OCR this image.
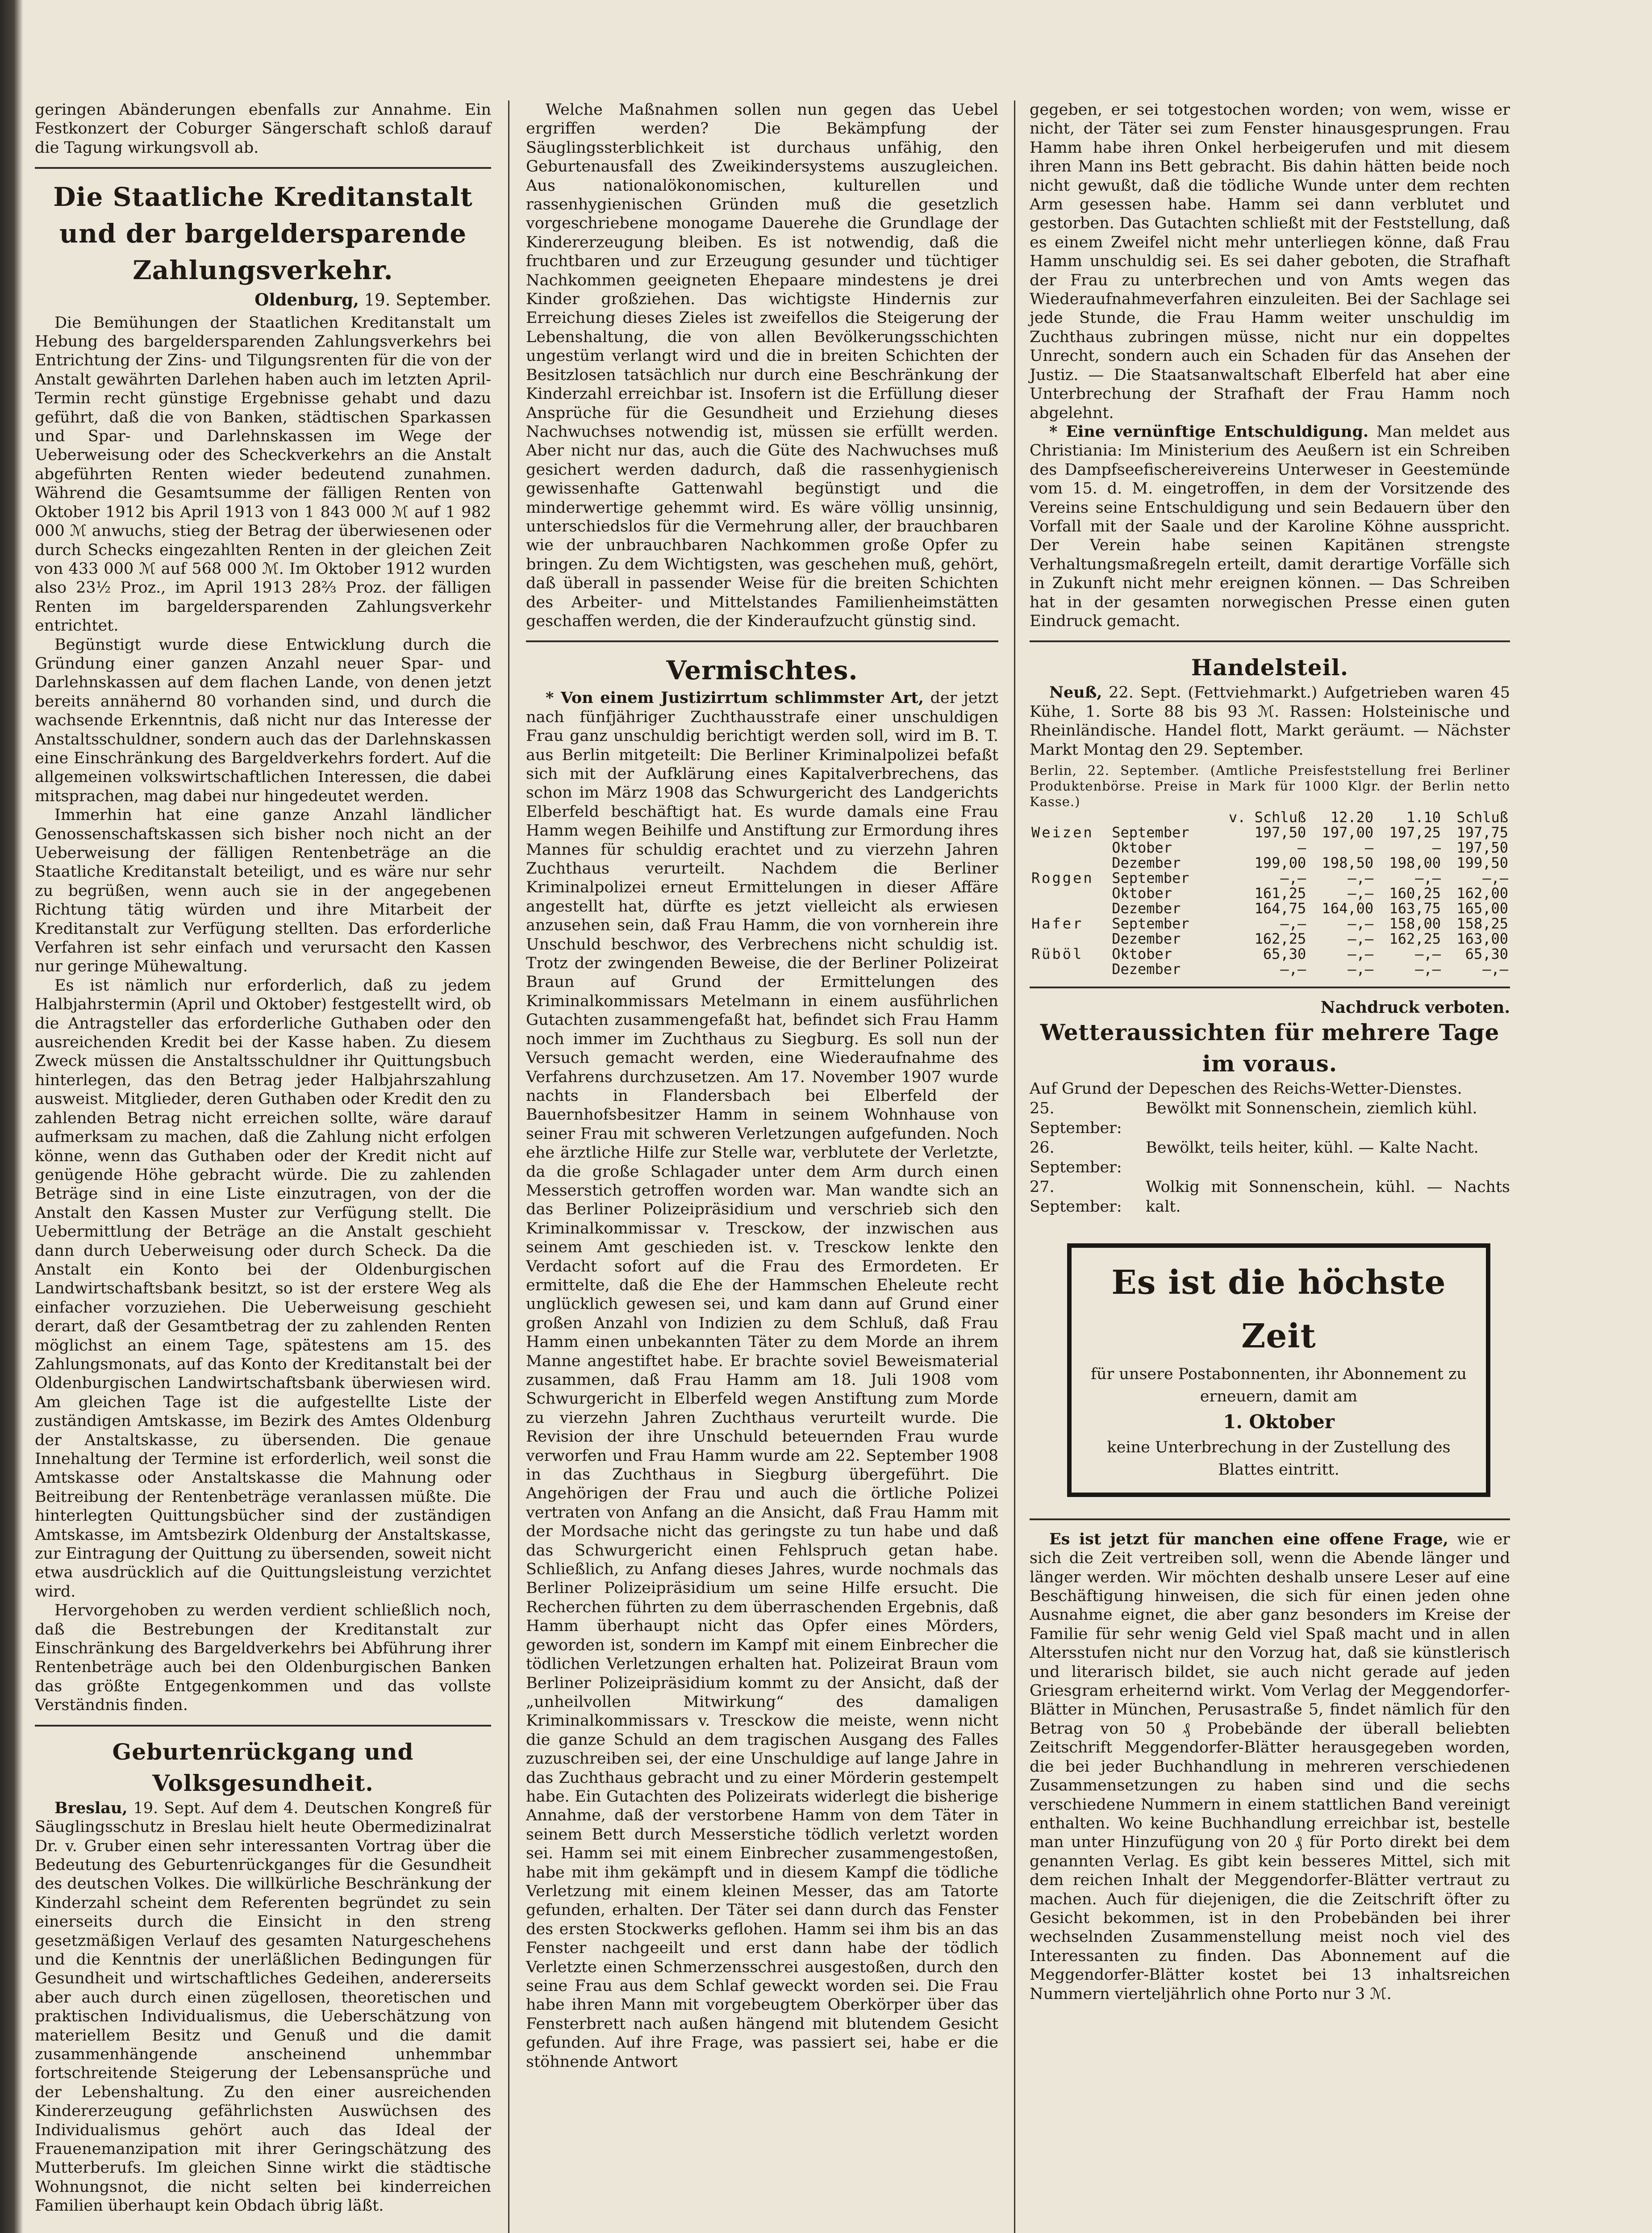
geringen Abänderungen ebenfalls zur Annahme. Ein Festkonzert der Coburger Sängerschaft schloß darauf die Tagung wirkungsvoll ab.

Die Staatliche Kreditanstalt
und der bargeldersparende Zahlungsverkehr.
Oldenburg, 19. September.

Die Bemühungen der Staatlichen Kreditanstalt um Hebung des bargeldersparenden Zahlungsverkehrs bei Entrichtung der Zins- und Tilgungsrenten für die von der Anstalt gewährten Darlehen haben auch im letzten April-Termin recht günstige Ergebnisse gehabt und dazu geführt, daß die von Banken, städtischen Sparkassen und Spar- und Darlehnskassen im Wege der Ueberweisung oder des Scheckverkehrs an die Anstalt abgeführten Renten wieder bedeutend zunahmen. Während die Gesamtsumme der fälligen Renten von Oktober 1912 bis April 1913 von 1 843 000 ℳ auf 1 982 000 ℳ anwuchs, stieg der Betrag der überwiesenen oder durch Schecks eingezahlten Renten in der gleichen Zeit von 433 000 ℳ auf 568 000 ℳ. Im Oktober 1912 wurden also 23½ Proz., im April 1913 28⅔ Proz. der fälligen Renten im bargeldersparenden Zahlungsverkehr entrichtet.

Begünstigt wurde diese Entwicklung durch die Gründung einer ganzen Anzahl neuer Spar- und Darlehnskassen auf dem flachen Lande, von denen jetzt bereits annähernd 80 vorhanden sind, und durch die wachsende Erkenntnis, daß nicht nur das Interesse der Anstaltsschuldner, sondern auch das der Darlehnskassen eine Einschränkung des Bargeldverkehrs fordert. Auf die allgemeinen volkswirtschaftlichen Interessen, die dabei mitsprachen, mag dabei nur hingedeutet werden.

Immerhin hat eine ganze Anzahl ländlicher Genossenschaftskassen sich bisher noch nicht an der Ueberweisung der fälligen Rentenbeträge an die Staatliche Kreditanstalt beteiligt, und es wäre nur sehr zu begrüßen, wenn auch sie in der angegebenen Richtung tätig würden und ihre Mitarbeit der Kreditanstalt zur Verfügung stellten. Das erforderliche Verfahren ist sehr einfach und verursacht den Kassen nur geringe Mühewaltung.

Es ist nämlich nur erforderlich, daß zu jedem Halbjahrstermin (April und Oktober) festgestellt wird, ob die Antragsteller das erforderliche Guthaben oder den ausreichenden Kredit bei der Kasse haben. Zu diesem Zweck müssen die Anstaltsschuldner ihr Quittungsbuch hinterlegen, das den Betrag jeder Halbjahrszahlung ausweist. Mitglieder, deren Guthaben oder Kredit den zu zahlenden Betrag nicht erreichen sollte, wäre darauf aufmerksam zu machen, daß die Zahlung nicht erfolgen könne, wenn das Guthaben oder der Kredit nicht auf genügende Höhe gebracht würde. Die zu zahlenden Beträge sind in eine Liste einzutragen, von der die Anstalt den Kassen Muster zur Verfügung stellt. Die Uebermittlung der Beträge an die Anstalt geschieht dann durch Ueberweisung oder durch Scheck. Da die Anstalt ein Konto bei der Oldenburgischen Landwirtschaftsbank besitzt, so ist der erstere Weg als einfacher vorzuziehen. Die Ueberweisung geschieht derart, daß der Gesamtbetrag der zu zahlenden Renten möglichst an einem Tage, spätestens am 15. des Zahlungsmonats, auf das Konto der Kreditanstalt bei der Oldenburgischen Landwirtschaftsbank überwiesen wird. Am gleichen Tage ist die aufgestellte Liste der zuständigen Amtskasse, im Bezirk des Amtes Oldenburg der Anstaltskasse, zu übersenden. Die genaue Innehaltung der Termine ist erforderlich, weil sonst die Amtskasse oder Anstaltskasse die Mahnung oder Beitreibung der Rentenbeträge veranlassen müßte. Die hinterlegten Quittungsbücher sind der zuständigen Amtskasse, im Amtsbezirk Oldenburg der Anstaltskasse, zur Eintragung der Quittung zu übersenden, soweit nicht etwa ausdrücklich auf die Quittungsleistung verzichtet wird.

Hervorgehoben zu werden verdient schließlich noch, daß die Bestrebungen der Kreditanstalt zur Einschränkung des Bargeldverkehrs bei Abführung ihrer Rentenbeträge auch bei den Oldenburgischen Banken das größte Entgegenkommen und das vollste Verständnis finden.

Geburtenrückgang und Volksgesundheit.

Breslau, 19. Sept. Auf dem 4. Deutschen Kongreß für Säuglingsschutz in Breslau hielt heute Obermedizinalrat Dr. v. Gruber einen sehr interessanten Vortrag über die Bedeutung des Geburtenrückganges für die Gesundheit des deutschen Volkes. Die willkürliche Beschränkung der Kinderzahl scheint dem Referenten begründet zu sein einerseits durch die Einsicht in den streng gesetzmäßigen Verlauf des gesamten Naturgeschehens und die Kenntnis der unerläßlichen Bedingungen für Gesundheit und wirtschaftliches Gedeihen, andererseits aber auch durch einen zügellosen, theoretischen und praktischen Individualismus, die Ueberschätzung von materiellem Besitz und Genuß und die damit zusammenhängende anscheinend unhemmbar fortschreitende Steigerung der Lebensansprüche und der Lebenshaltung. Zu den einer ausreichenden Kindererzeugung gefährlichsten Auswüchsen des Individualismus gehört auch das Ideal der Frauenemanzipation mit ihrer Geringschätzung des Mutterberufs. Im gleichen Sinne wirkt die städtische Wohnungsnot, die nicht selten bei kinderreichen Familien überhaupt kein Obdach übrig läßt.

Welche Maßnahmen sollen nun gegen das Uebel ergriffen werden? Die Bekämpfung der Säuglingssterblichkeit ist durchaus unfähig, den Geburtenausfall des Zweikindersystems auszugleichen. Aus nationalökonomischen, kulturellen und rassenhygienischen Gründen muß die gesetzlich vorgeschriebene monogame Dauerehe die Grundlage der Kindererzeugung bleiben. Es ist notwendig, daß die fruchtbaren und zur Erzeugung gesunder und tüchtiger Nachkommen geeigneten Ehepaare mindestens je drei Kinder großziehen. Das wichtigste Hindernis zur Erreichung dieses Zieles ist zweifellos die Steigerung der Lebenshaltung, die von allen Bevölkerungsschichten ungestüm verlangt wird und die in breiten Schichten der Besitzlosen tatsächlich nur durch eine Beschränkung der Kinderzahl erreichbar ist. Insofern ist die Erfüllung dieser Ansprüche für die Gesundheit und Erziehung dieses Nachwuchses notwendig ist, müssen sie erfüllt werden. Aber nicht nur das, auch die Güte des Nachwuchses muß gesichert werden dadurch, daß die rassenhygienisch gewissenhafte Gattenwahl begünstigt und die minderwertige gehemmt wird. Es wäre völlig unsinnig, unterschiedslos für die Vermehrung aller, der brauchbaren wie der unbrauchbaren Nachkommen große Opfer zu bringen. Zu dem Wichtigsten, was geschehen muß, gehört, daß überall in passender Weise für die breiten Schichten des Arbeiter- und Mittelstandes Familienheimstätten geschaffen werden, die der Kinderaufzucht günstig sind.

Vermischtes.

* Von einem Justizirrtum schlimmster Art, der jetzt nach fünfjähriger Zuchthausstrafe einer unschuldigen Frau ganz unschuldig berichtigt werden soll, wird im B. T. aus Berlin mitgeteilt: Die Berliner Kriminalpolizei befaßt sich mit der Aufklärung eines Kapitalverbrechens, das schon im März 1908 das Schwurgericht des Landgerichts Elberfeld beschäftigt hat. Es wurde damals eine Frau Hamm wegen Beihilfe und Anstiftung zur Ermordung ihres Mannes für schuldig erachtet und zu vierzehn Jahren Zuchthaus verurteilt. Nachdem die Berliner Kriminalpolizei erneut Ermittelungen in dieser Affäre angestellt hat, dürfte es jetzt vielleicht als erwiesen anzusehen sein, daß Frau Hamm, die von vornherein ihre Unschuld beschwor, des Verbrechens nicht schuldig ist. Trotz der zwingenden Beweise, die der Berliner Polizeirat Braun auf Grund der Ermittelungen des Kriminalkommissars Metelmann in einem ausführlichen Gutachten zusammengefaßt hat, befindet sich Frau Hamm noch immer im Zuchthaus zu Siegburg. Es soll nun der Versuch gemacht werden, eine Wiederaufnahme des Verfahrens durchzusetzen. Am 17. November 1907 wurde nachts in Flandersbach bei Elberfeld der Bauernhofsbesitzer Hamm in seinem Wohnhause von seiner Frau mit schweren Verletzungen aufgefunden. Noch ehe ärztliche Hilfe zur Stelle war, verblutete der Verletzte, da die große Schlagader unter dem Arm durch einen Messerstich getroffen worden war. Man wandte sich an das Berliner Polizeipräsidium und verschrieb sich den Kriminalkommissar v. Tresckow, der inzwischen aus seinem Amt geschieden ist. v. Tresckow lenkte den Verdacht sofort auf die Frau des Ermordeten. Er ermittelte, daß die Ehe der Hammschen Eheleute recht unglücklich gewesen sei, und kam dann auf Grund einer großen Anzahl von Indizien zu dem Schluß, daß Frau Hamm einen unbekannten Täter zu dem Morde an ihrem Manne angestiftet habe. Er brachte soviel Beweismaterial zusammen, daß Frau Hamm am 18. Juli 1908 vom Schwurgericht in Elberfeld wegen Anstiftung zum Morde zu vierzehn Jahren Zuchthaus verurteilt wurde. Die Revision der ihre Unschuld beteuernden Frau wurde verworfen und Frau Hamm wurde am 22. September 1908 in das Zuchthaus in Siegburg übergeführt. Die Angehörigen der Frau und auch die örtliche Polizei vertraten von Anfang an die Ansicht, daß Frau Hamm mit der Mordsache nicht das geringste zu tun habe und daß das Schwurgericht einen Fehlspruch getan habe. Schließlich, zu Anfang dieses Jahres, wurde nochmals das Berliner Polizeipräsidium um seine Hilfe ersucht. Die Recherchen führten zu dem überraschenden Ergebnis, daß Hamm überhaupt nicht das Opfer eines Mörders, geworden ist, sondern im Kampf mit einem Einbrecher die tödlichen Verletzungen erhalten hat. Polizeirat Braun vom Berliner Polizeipräsidium kommt zu der Ansicht, daß der „unheilvollen Mitwirkung“ des damaligen Kriminalkommissars v. Tresckow die meiste, wenn nicht die ganze Schuld an dem tragischen Ausgang des Falles zuzuschreiben sei, der eine Unschuldige auf lange Jahre in das Zuchthaus gebracht und zu einer Mörderin gestempelt habe. Ein Gutachten des Polizeirats widerlegt die bisherige Annahme, daß der verstorbene Hamm von dem Täter in seinem Bett durch Messerstiche tödlich verletzt worden sei. Hamm sei mit einem Einbrecher zusammengestoßen, habe mit ihm gekämpft und in diesem Kampf die tödliche Verletzung mit einem kleinen Messer, das am Tatorte gefunden, erhalten. Der Täter sei dann durch das Fenster des ersten Stockwerks geflohen. Hamm sei ihm bis an das Fenster nachgeeilt und erst dann habe der tödlich Verletzte einen Schmerzensschrei ausgestoßen, durch den seine Frau aus dem Schlaf geweckt worden sei. Die Frau habe ihren Mann mit vorgebeugtem Oberkörper über das Fensterbrett nach außen hängend mit blutendem Gesicht gefunden. Auf ihre Frage, was passiert sei, habe er die stöhnende Antwort

gegeben, er sei totgestochen worden; von wem, wisse er nicht, der Täter sei zum Fenster hinausgesprungen. Frau Hamm habe ihren Onkel herbeigerufen und mit diesem ihren Mann ins Bett gebracht. Bis dahin hätten beide noch nicht gewußt, daß die tödliche Wunde unter dem rechten Arm gesessen habe. Hamm sei dann verblutet und gestorben. Das Gutachten schließt mit der Feststellung, daß es einem Zweifel nicht mehr unterliegen könne, daß Frau Hamm unschuldig sei. Es sei daher geboten, die Strafhaft der Frau zu unterbrechen und von Amts wegen das Wiederaufnahmeverfahren einzuleiten. Bei der Sachlage sei jede Stunde, die Frau Hamm weiter unschuldig im Zuchthaus zubringen müsse, nicht nur ein doppeltes Unrecht, sondern auch ein Schaden für das Ansehen der Justiz. — Die Staatsanwaltschaft Elberfeld hat aber eine Unterbrechung der Strafhaft der Frau Hamm noch abgelehnt.

* Eine vernünftige Entschuldigung. Man meldet aus Christiania: Im Ministerium des Aeußern ist ein Schreiben des Dampfseefischereivereins Unterweser in Geestemünde vom 15. d. M. eingetroffen, in dem der Vorsitzende des Vereins seine Entschuldigung und sein Bedauern über den Vorfall mit der Saale und der Karoline Köhne ausspricht. Der Verein habe seinen Kapitänen strengste Verhaltungsmaßregeln erteilt, damit derartige Vorfälle sich in Zukunft nicht mehr ereignen können. — Das Schreiben hat in der gesamten norwegischen Presse einen guten Eindruck gemacht.

Handelsteil.

Neuß, 22. Sept. (Fettviehmarkt.) Aufgetrieben waren 45 Kühe, 1. Sorte 88 bis 93 ℳ. Rassen: Holsteinische und Rheinländische. Handel flott, Markt geräumt. — Nächster Markt Montag den 29. September.

Berlin, 22. September. (Amtliche Preisfeststellung frei Berliner Produktenbörse. Preise in Mark für 1000 Klgr. der Berlin netto Kasse.)
		v. Schluß	12.20	1.10	Schluß
Weizen	September	197,50	197,00	197,25	197,75
	Oktober	—	—	—	197,50
	Dezember	199,00	198,50	198,00	199,50
Roggen	September	—,—	—,—	—,—	—,—
	Oktober	161,25	—,—	160,25	162,00
	Dezember	164,75	164,00	163,75	165,00
Hafer	September	—,—	—,—	158,00	158,25
	Dezember	162,25	—,—	162,25	163,00
Rüböl	Oktober	65,30	—,—	—,—	65,30
	Dezember	—,—	—,—	—,—	—,—
Nachdruck verboten.
Wetteraussichten für mehrere Tage im voraus.

Auf Grund der Depeschen des Reichs-Wetter-Dienstes.

25. September:
Bewölkt mit Sonnenschein, ziemlich kühl.
26. September:
Bewölkt, teils heiter, kühl. — Kalte Nacht.
27. September:
Wolkig mit Sonnenschein, kühl. — Nachts kalt.
Es ist die höchste Zeit
für unsere Postabonnenten, ihr Abonnement zu erneuern, damit am
1. Oktober
keine Unterbrechung in der Zustellung des Blattes eintritt.

Es ist jetzt für manchen eine offene Frage, wie er sich die Zeit vertreiben soll, wenn die Abende länger und länger werden. Wir möchten deshalb unsere Leser auf eine Beschäftigung hinweisen, die sich für einen jeden ohne Ausnahme eignet, die aber ganz besonders im Kreise der Familie für sehr wenig Geld viel Spaß macht und in allen Altersstufen nicht nur den Vorzug hat, daß sie künstlerisch und literarisch bildet, sie auch nicht gerade auf jeden Griesgram erheiternd wirkt. Vom Verlag der Meggendorfer-Blätter in München, Perusastraße 5, findet nämlich für den Betrag von 50 ₰ Probebände der überall beliebten Zeitschrift Meggendorfer-Blätter herausgegeben worden, die bei jeder Buchhandlung in mehreren verschiedenen Zusammensetzungen zu haben sind und die sechs verschiedene Nummern in einem stattlichen Band vereinigt enthalten. Wo keine Buchhandlung erreichbar ist, bestelle man unter Hinzufügung von 20 ₰ für Porto direkt bei dem genannten Verlag. Es gibt kein besseres Mittel, sich mit dem reichen Inhalt der Meggendorfer-Blätter vertraut zu machen. Auch für diejenigen, die die Zeitschrift öfter zu Gesicht bekommen, ist in den Probebänden bei ihrer wechselnden Zusammenstellung meist noch viel des Interessanten zu finden. Das Abonnement auf die Meggendorfer-Blätter kostet bei 13 inhaltsreichen Nummern vierteljährlich ohne Porto nur 3 ℳ.
